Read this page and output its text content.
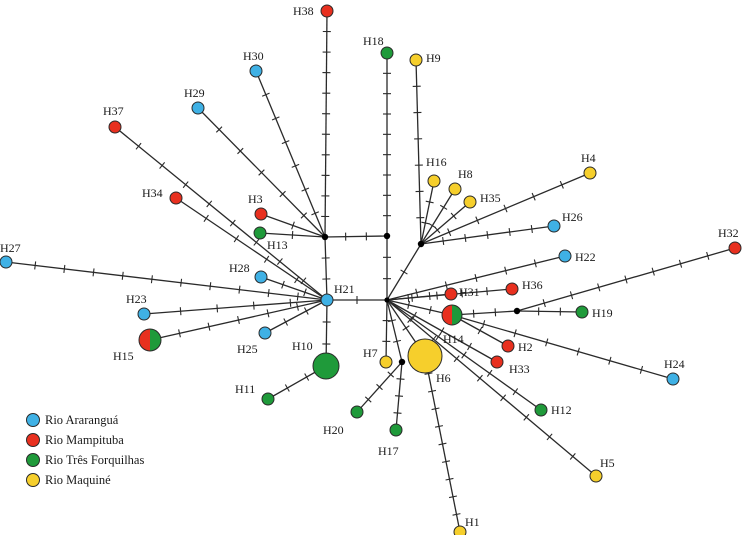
H1
H2
H3
H4
H5
H6
H7
H8
H9
H10
H11
H12
H13
H14
H15
H16
H17
H18
H19
H20
H21
H22
H23
H24
H25
H26
H27
H28
H29
H30
H31
H32
H33
H34	H35
H36
H37
H38
Rio Araranguá
Rio Mampituba
Rio Três Forquilhas
Rio Maquiné
